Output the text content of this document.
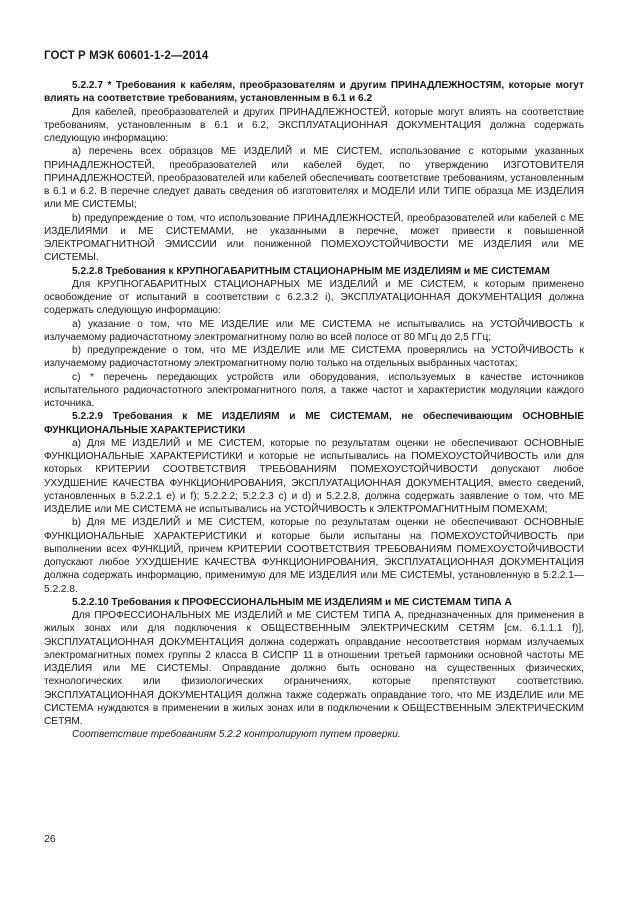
ГОСТ Р МЭК 60601-1-2—2014

5.2.2.7 * Требования к кабелям, преобразователям и другим ПРИНАДЛЕЖНОСТЯМ, которые могут влиять на соответствие требованиям, установленным в 6.1 и 6.2

Для кабелей, преобразователей и других ПРИНАДЛЕЖНОСТЕЙ, которые могут влиять на соответствие требованиям, установленным в 6.1 и 6.2, ЭКСПЛУАТАЦИОННАЯ ДОКУМЕНТАЦИЯ должна содержать следующую информацию:

а) перечень всех образцов МЕ ИЗДЕЛИЙ и МЕ СИСТЕМ, использование с которыми указанных ПРИНАДЛЕЖНОСТЕЙ, преобразователей или кабелей будет, по утверждению ИЗГОТОВИТЕЛЯ ПРИНАДЛЕЖНОСТЕЙ, преобразователей или кабелей обеспечивать соответствие требованиям, установленным в 6.1 и 6.2. В перечне следует давать сведения об изготовителях и МОДЕЛИ ИЛИ ТИПЕ образца МЕ ИЗДЕЛИЯ или МЕ СИСТЕМЫ;

b) предупреждение о том, что использование ПРИНАДЛЕЖНОСТЕЙ, преобразователей или кабелей с МЕ ИЗДЕЛИЯМИ и МЕ СИСТЕМАМИ, не указанными в перечне, может привести к повышенной ЭЛЕКТРОМАГНИТНОЙ ЭМИССИИ или пониженной ПОМЕХОУСТОЙЧИВОСТИ МЕ ИЗДЕЛИЯ или МЕ СИСТЕМЫ.

5.2.2.8 Требования к КРУПНОГАБАРИТНЫМ СТАЦИОНАРНЫМ МЕ ИЗДЕЛИЯМ и МЕ СИСТЕМАМ

Для КРУПНОГАБАРИТНЫХ СТАЦИОНАРНЫХ МЕ ИЗДЕЛИЙ и МЕ СИСТЕМ, к которым применено освобождение от испытаний в соответствии с 6.2.3.2 i), ЭКСПЛУАТАЦИОННАЯ ДОКУМЕНТАЦИЯ должна содержать следующую информацию:

а) указание о том, что МЕ ИЗДЕЛИЕ или МЕ СИСТЕМА не испытывались на УСТОЙЧИВОСТЬ к излучаемому радиочастотному электромагнитному полю во всей полосе от 80 МГц до 2,5 ГГц;

b) предупреждение о том, что МЕ ИЗДЕЛИЕ или МЕ СИСТЕМА проверялись на УСТОЙЧИВОСТЬ к излучаемому радиочастотному электромагнитному полю только на отдельных выбранных частотах;

с) * перечень передающих устройств или оборудования, используемых в качестве источников испытательного радиочастотного электромагнитного поля, а также частот и характеристик модуляции каждого источника.

5.2.2.9 Требования к МЕ ИЗДЕЛИЯМ и МЕ СИСТЕМАМ, не обеспечивающим ОСНОВНЫЕ ФУНКЦИОНАЛЬНЫЕ ХАРАКТЕРИСТИКИ

а) Для МЕ ИЗДЕЛИЙ и МЕ СИСТЕМ, которые по результатам оценки не обеспечивают ОСНОВНЫЕ ФУНКЦИОНАЛЬНЫЕ ХАРАКТЕРИСТИКИ и которые не испытывались на ПОМЕХОУСТОЙЧИВОСТЬ или для которых КРИТЕРИИ СООТВЕТСТВИЯ ТРЕБОВАНИЯМ ПОМЕХОУСТОЙЧИВОСТИ допускают любое УХУДШЕНИЕ КАЧЕСТВА ФУНКЦИОНИРОВАНИЯ, ЭКСПЛУАТАЦИОННАЯ ДОКУМЕНТАЦИЯ, вместо сведений, установленных в 5.2.2.1 е) и f); 5.2.2.2; 5.2.2.3 с) и d) и 5.2.2.8, должна содержать заявление о том, что МЕ ИЗДЕЛИЕ или МЕ СИСТЕМА не испытывались на УСТОЙЧИВОСТЬ к ЭЛЕКТРОМАГНИТНЫМ ПОМЕХАМ;

b) Для МЕ ИЗДЕЛИЙ и МЕ СИСТЕМ, которые по результатам оценки не обеспечивают ОСНОВНЫЕ ФУНКЦИОНАЛЬНЫЕ ХАРАКТЕРИСТИКИ и которые были испытаны на ПОМЕХОУСТОЙЧИВОСТЬ при выполнении всех ФУНКЦИЙ, причем КРИТЕРИИ СООТВЕТСТВИЯ ТРЕБОВАНИЯМ ПОМЕХОУСТОЙЧИВОСТИ допускают любое УХУДШЕНИЕ КАЧЕСТВА ФУНКЦИОНИРОВАНИЯ, ЭКСПЛУАТАЦИОННАЯ ДОКУМЕНТАЦИЯ должна содержать информацию, применимую для МЕ ИЗДЕЛИЯ или МЕ СИСТЕМЫ, установленную в 5.2.2.1—5.2.2.8.

5.2.2.10 Требования к ПРОФЕССИОНАЛЬНЫМ МЕ ИЗДЕЛИЯМ и МЕ СИСТЕМАМ ТИПА А

Для ПРОФЕССИОНАЛЬНЫХ МЕ ИЗДЕЛИЙ и МЕ СИСТЕМ ТИПА А, предназначенных для применения в жилых зонах или для подключения к ОБЩЕСТВЕННЫМ ЭЛЕКТРИЧЕСКИМ СЕТЯМ [см. 6.1.1.1 f)], ЭКСПЛУАТАЦИОННАЯ ДОКУМЕНТАЦИЯ должна содержать оправдание несоответствия нормам излучаемых электромагнитных помех группы 2 класса В СИСПР 11 в отношении третьей гармоники основной частоты МЕ ИЗДЕЛИЯ или МЕ СИСТЕМЫ. Оправдание должно быть основано на существенных физических, технологических или физиологических ограничениях, которые препятствуют соответствию. ЭКСПЛУАТАЦИОННАЯ ДОКУМЕНТАЦИЯ должна также содержать оправдание того, что МЕ ИЗДЕЛИЕ или МЕ СИСТЕМА нуждаются в применении в жилых зонах или в подключении к ОБЩЕСТВЕННЫМ ЭЛЕКТРИЧЕСКИМ СЕТЯМ.

Соответствие требованиям 5.2.2 контролируют путем проверки.

26
